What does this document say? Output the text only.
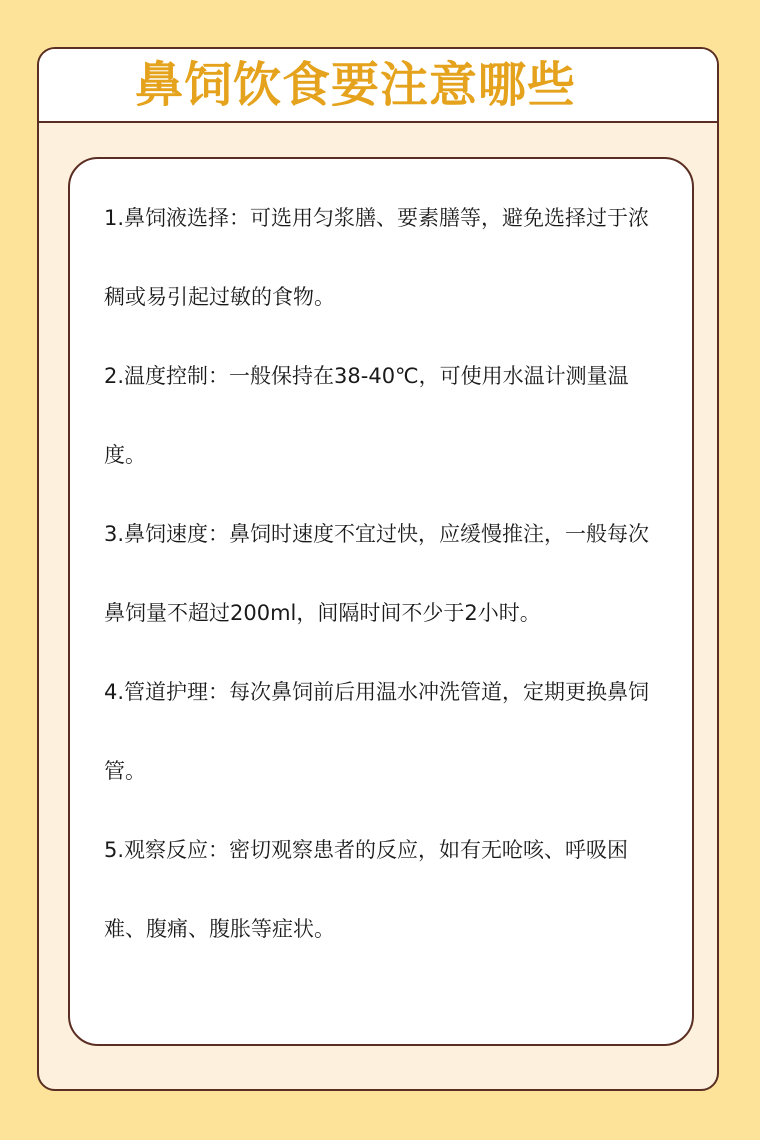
鼻饲饮食要注意哪些

1.鼻饲液选择：可选用匀浆膳、要素膳等，避免选择过于浓稠或易引起过敏的食物。

2.温度控制：一般保持在38-40℃，可使用水温计测量温度。

3.鼻饲速度：鼻饲时速度不宜过快，应缓慢推注，一般每次鼻饲量不超过200ml，间隔时间不少于2小时。

4.管道护理：每次鼻饲前后用温水冲洗管道，定期更换鼻饲管。

5.观察反应：密切观察患者的反应，如有无呛咳、呼吸困难、腹痛、腹胀等症状。
